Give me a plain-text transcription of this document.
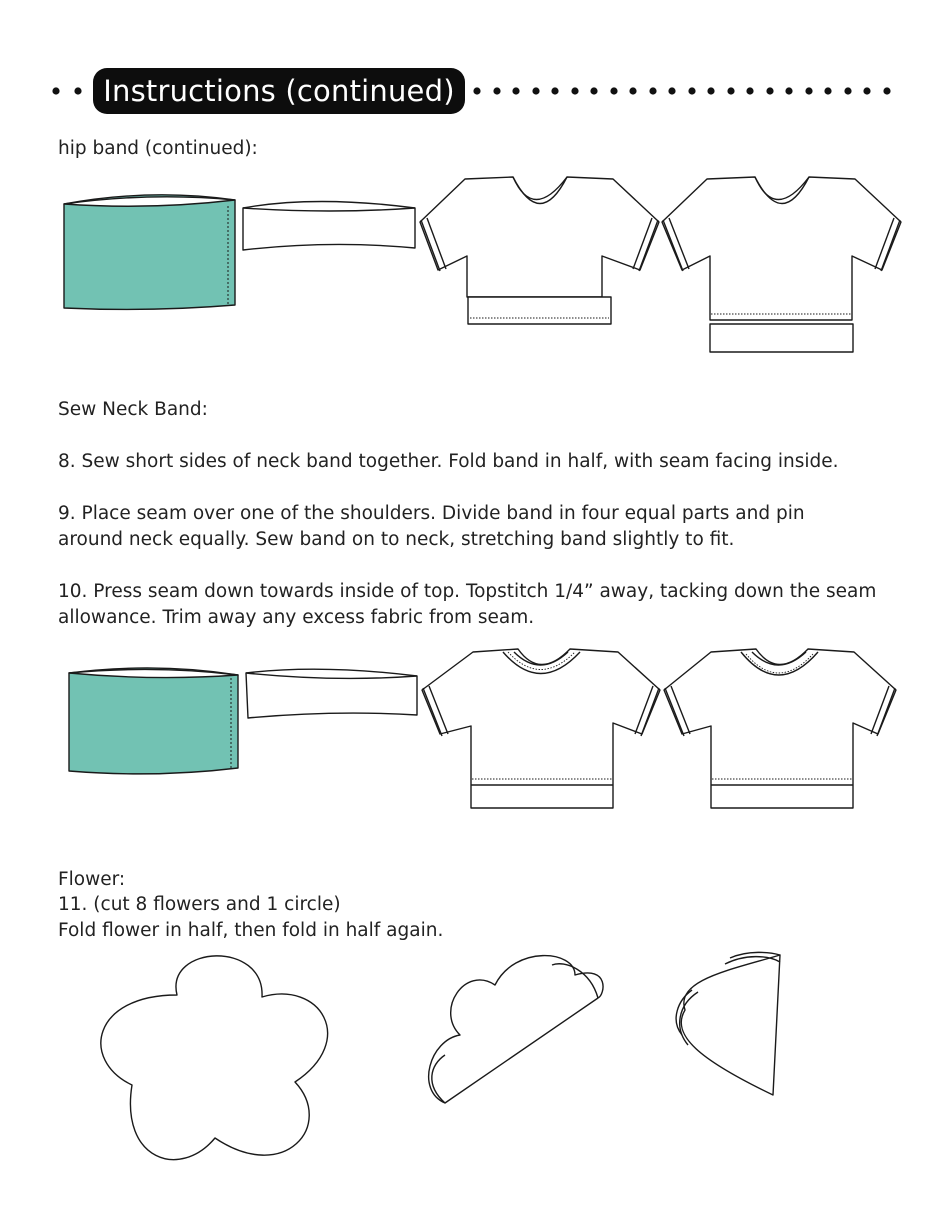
Instructions (continued)
hip band (continued):
Sew Neck Band:
8. Sew short sides of neck band together. Fold band in half, with seam facing inside.
9. Place seam over one of the shoulders. Divide band in four equal parts and pin
around neck equally. Sew band on to neck, stretching band slightly to fit.
10. Press seam down towards inside of top. Topstitch 1/4” away, tacking down the seam
allowance. Trim away any excess fabric from seam.
Flower:
11. (cut 8 flowers and 1 circle)
Fold flower in half, then fold in half again.
